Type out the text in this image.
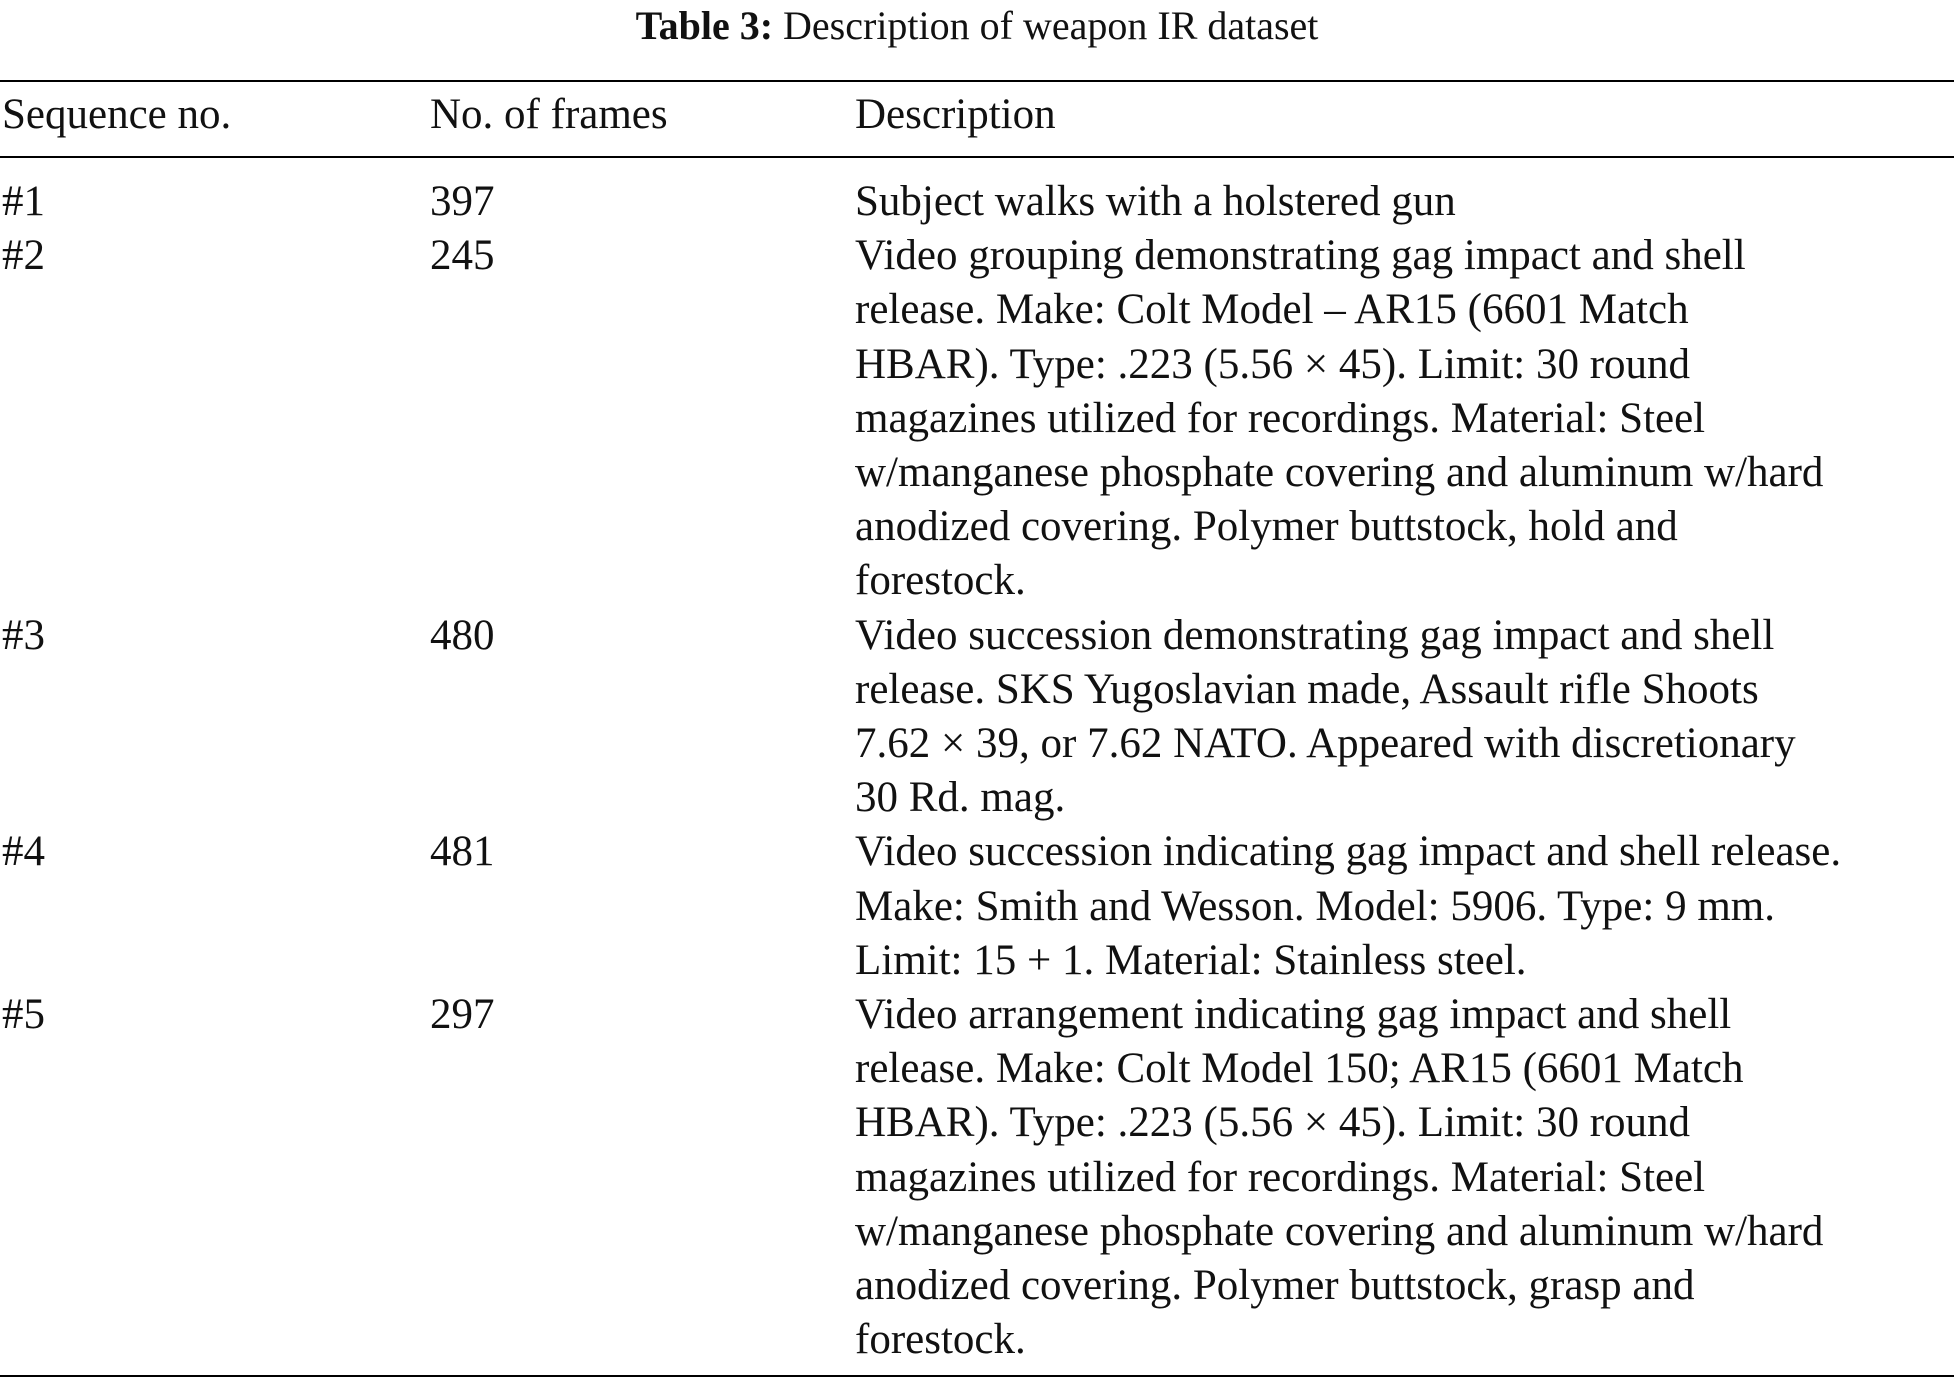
Table 3: Description of weapon IR dataset
Sequence no.	No. of frames	Description
#1	397	Subject walks with a holstered gun
#2	245	Video grouping demonstrating gag impact and shell
release. Make: Colt Model – AR15 (6601 Match
HBAR). Type: .223 (5.56 × 45). Limit: 30 round
magazines utilized for recordings. Material: Steel
w/manganese phosphate covering and aluminum w/hard
anodized covering. Polymer buttstock, hold and
forestock.
#3	480	Video succession demonstrating gag impact and shell
release. SKS Yugoslavian made, Assault rifle Shoots
7.62 × 39, or 7.62 NATO. Appeared with discretionary
30 Rd. mag.
#4	481	Video succession indicating gag impact and shell release.
Make: Smith and Wesson. Model: 5906. Type: 9 mm.
Limit: 15 + 1. Material: Stainless steel.
#5	297	Video arrangement indicating gag impact and shell
release. Make: Colt Model 150; AR15 (6601 Match
HBAR). Type: .223 (5.56 × 45). Limit: 30 round
magazines utilized for recordings. Material: Steel
w/manganese phosphate covering and aluminum w/hard
anodized covering. Polymer buttstock, grasp and
forestock.
